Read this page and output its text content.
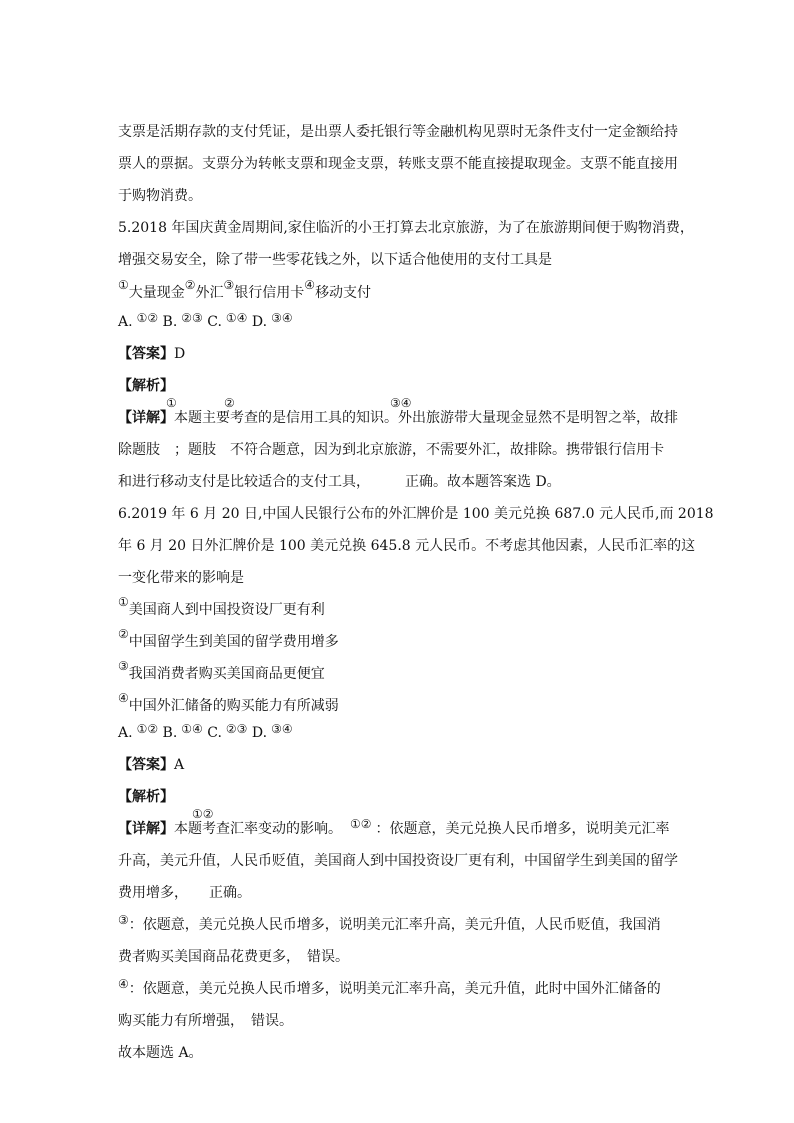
支票是活期存款的支付凭证，是出票人委托银行等金融机构见票时无条件支付一定金额给持
票人的票据。支票分为转帐支票和现金支票，转账支票不能直接提取现金。支票不能直接用
于购物消费。
5.2018 年国庆黄金周期间,家住临沂的小王打算去北京旅游，为了在旅游期间便于购物消费，
增强交易安全，除了带一些零花钱之外，以下适合他使用的支付工具是
①大量现金②外汇③银行信用卡④移动支付
A. ①② B. ②③ C. ①④ D. ③④
【答案】D
【解析】
【详解】本题主要考查的是信用工具的知识。外出旅游带大量现金显然不是明智之举，故排
①	②	③④
除题肢　；题肢　不符合题意，因为到北京旅游，不需要外汇，故排除。携带银行信用卡
和进行移动支付是比较适合的支付工具，　　　正确。故本题答案选 D。
6.2019 年 6 月 20 日,中国人民银行公布的外汇牌价是 100 美元兑换 687.0 元人民币,而 2018
年 6 月 20 日外汇牌价是 100 美元兑换 645.8 元人民币。不考虑其他因素，人民币汇率的这
一变化带来的影响是
①美国商人到中国投资设厂更有利
②中国留学生到美国的留学费用增多
③我国消费者购买美国商品更便宜
④中国外汇储备的购买能力有所减弱
A. ①② B. ①④ C. ②③ D. ③④
【答案】A
【解析】
【详解】本题考查汇率变动的影响。 ①② ：依题意，美元兑换人民币增多，说明美元汇率
①②
升高，美元升值，人民币贬值，美国商人到中国投资设厂更有利，中国留学生到美国的留学
费用增多，　　正确。
③：依题意，美元兑换人民币增多，说明美元汇率升高，美元升值，人民币贬值，我国消
费者购买美国商品花费更多，　错误。
④：依题意，美元兑换人民币增多，说明美元汇率升高，美元升值，此时中国外汇储备的
购买能力有所增强，　错误。
故本题选 A。
